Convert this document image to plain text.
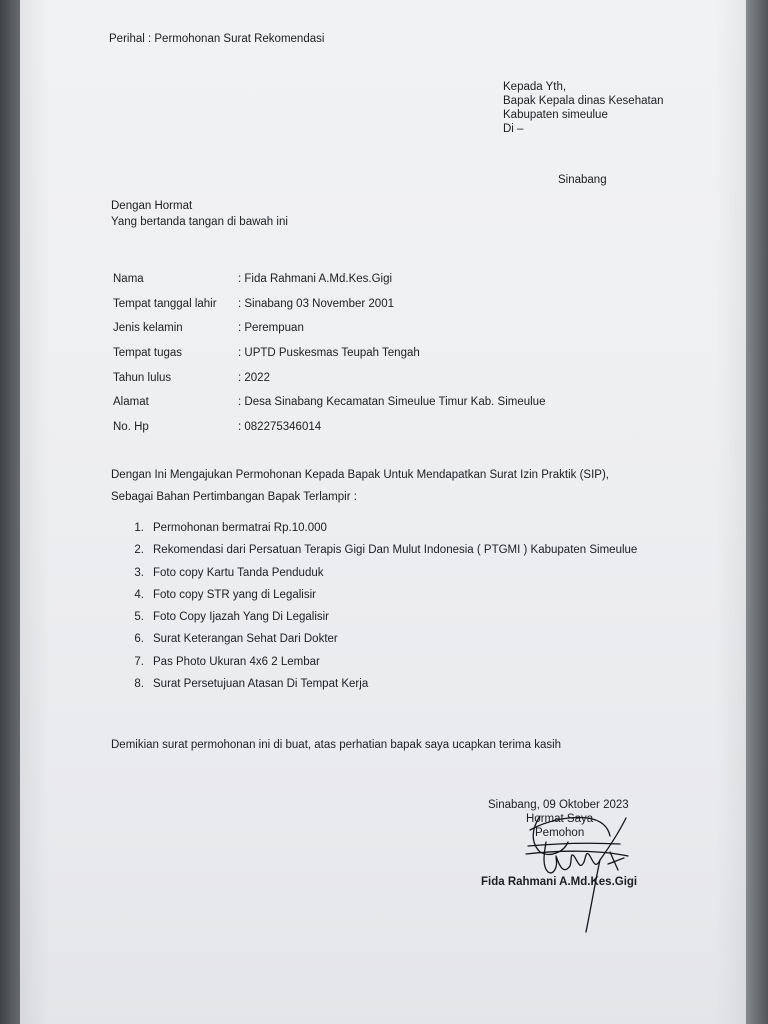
Perihal : Permohonan Surat Rekomendasi
Kepada Yth,
Bapak Kepala dinas Kesehatan
Kabupaten simeulue
Di –
Sinabang
Dengan Hormat
Yang bertanda tangan di bawah ini
Nama	: Fida Rahmani A.Md.Kes.Gigi
Tempat tanggal lahir : Sinabang 03 November 2001
Jenis kelamin	: Perempuan
Tempat tugas	: UPTD Puskesmas Teupah Tengah
Tahun lulus	: 2022
Alamat	: Desa Sinabang Kecamatan Simeulue Timur Kab. Simeulue
No. Hp	: 082275346014
Dengan Ini Mengajukan Permohonan Kepada Bapak Untuk Mendapatkan Surat Izin Praktik (SIP),
Sebagai Bahan Pertimbangan Bapak Terlampir :
1. Permohonan bermatrai Rp.10.000
2. Rekomendasi dari Persatuan Terapis Gigi Dan Mulut Indonesia ( PTGMI ) Kabupaten Simeulue
3. Foto copy Kartu Tanda Penduduk
4. Foto copy STR yang di Legalisir
5. Foto Copy Ijazah Yang Di Legalisir
6. Surat Keterangan Sehat Dari Dokter
7. Pas Photo Ukuran 4x6 2 Lembar
8. Surat Persetujuan Atasan Di Tempat Kerja
Demikian surat permohonan ini di buat, atas perhatian bapak saya ucapkan terima kasih
Sinabang, 09 Oktober 2023
Hormat Saya
Pemohon
Fida Rahmani A.Md.Kes.Gigi
